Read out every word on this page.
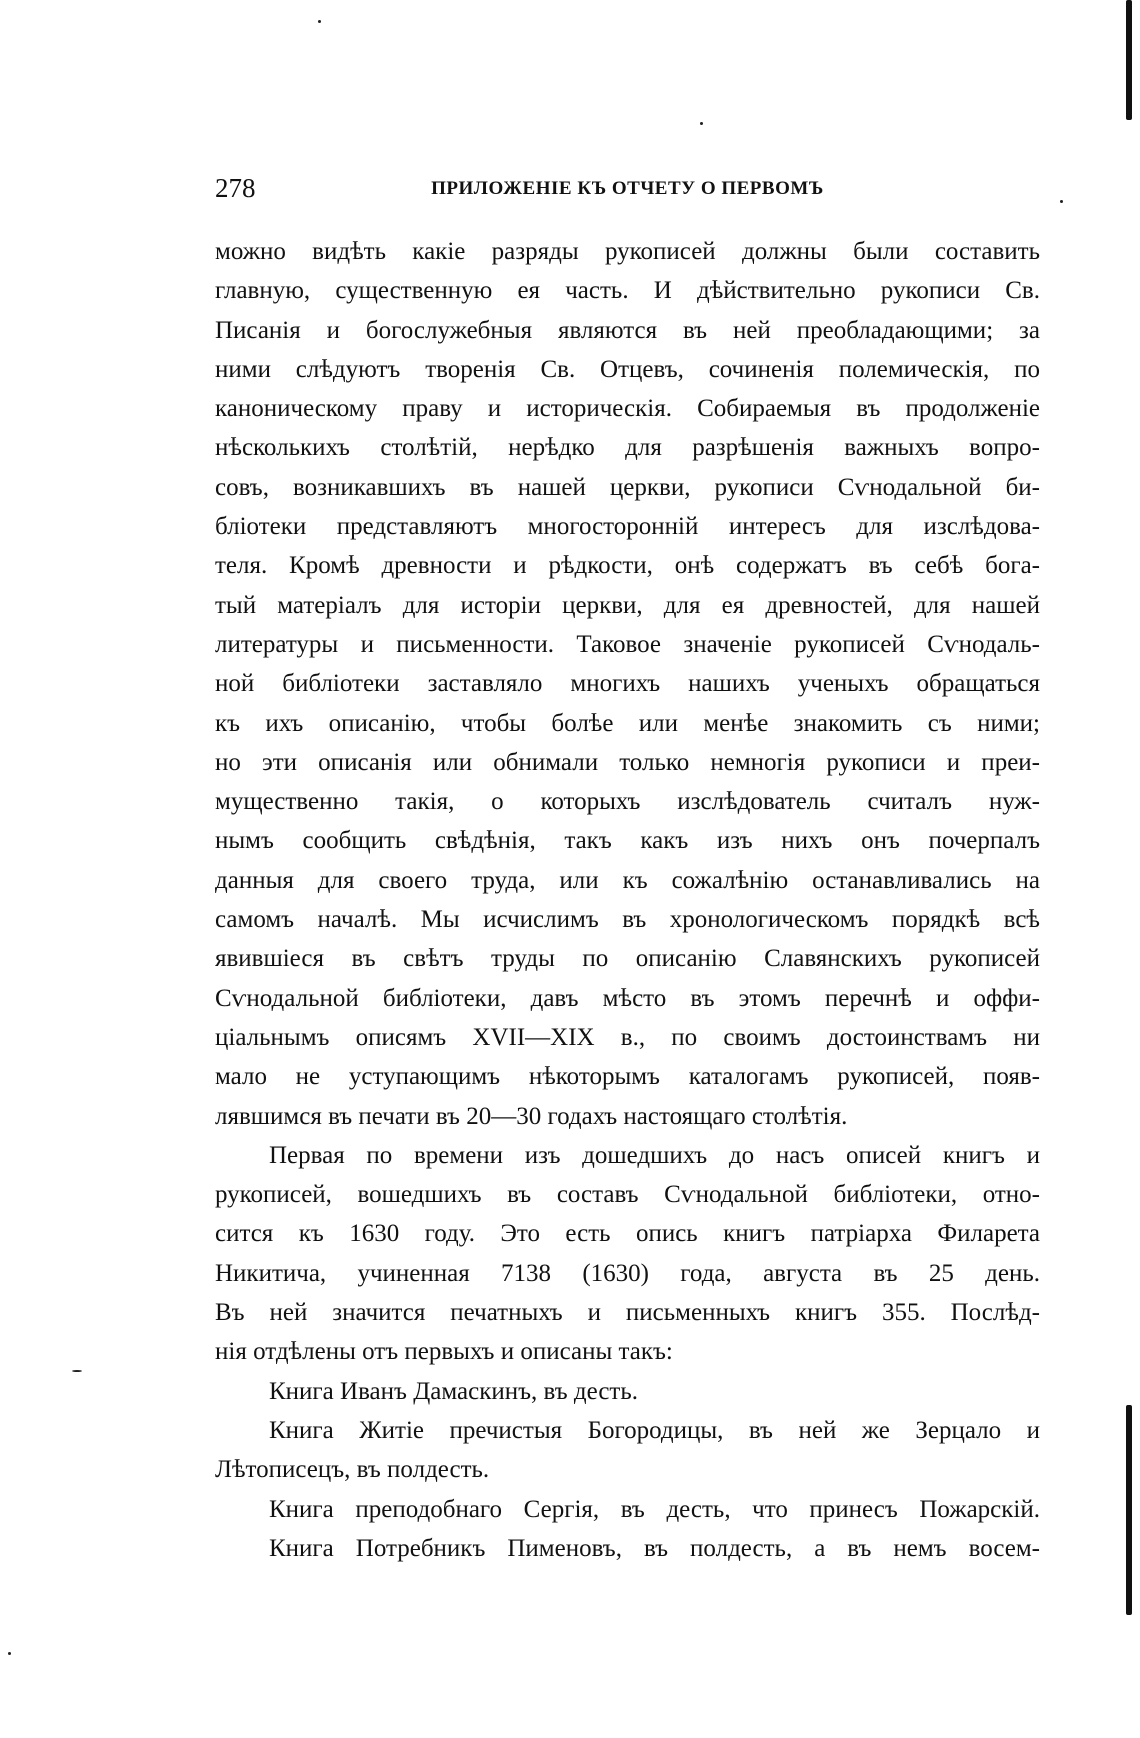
278	ПРИЛОЖЕНІЕ КЪ ОТЧЕТУ О ПЕРВОМЪ
можно видѣть какіе разряды рукописей должны были составить
главную, существенную ея часть. И дѣйствительно рукописи Св.
Писанія и богослужебныя являются въ ней преобладающими; за
ними слѣдуютъ творенія Св. Отцевъ, сочиненія полемическія, по
каноническому праву и историческія. Собираемыя въ продолженіе
нѣсколькихъ столѣтій, нерѣдко для разрѣшенія важныхъ вопро-
совъ, возникавшихъ въ нашей церкви, рукописи Сѵнодальной би-
бліотеки представляютъ многосторонній интересъ для изслѣдова-
теля. Кромѣ древности и рѣдкости, онѣ содержатъ въ себѣ бога-
тый матеріалъ для исторіи церкви, для ея древностей, для нашей
литературы и письменности. Таковое значеніе рукописей Сѵнодаль-
ной библіотеки заставляло многихъ нашихъ ученыхъ обращаться
къ ихъ описанію, чтобы болѣе или менѣе знакомить съ ними;
но эти описанія или обнимали только немногія рукописи и преи-
мущественно такія, о которыхъ изслѣдователь считалъ нуж-
нымъ сообщить свѣдѣнія, такъ какъ изъ нихъ онъ почерпалъ
данныя для своего труда, или къ сожалѣнію останавливались на
самомъ началѣ. Мы исчислимъ въ хронологическомъ порядкѣ всѣ
явившіеся въ свѣтъ труды по описанію Славянскихъ рукописей
Сѵнодальной библіотеки, давъ мѣсто въ этомъ перечнѣ и оффи-
ціальнымъ описямъ XVII—XIX в., по своимъ достоинствамъ ни
мало не уступающимъ нѣкоторымъ каталогамъ рукописей, появ-
лявшимся въ печати въ 20—30 годахъ настоящаго столѣтія.
Первая по времени изъ дошедшихъ до насъ описей книгъ и
рукописей, вошедшихъ въ составъ Сѵнодальной библіотеки, отно-
сится къ 1630 году. Это есть опись книгъ патріарха Филарета
Никитича, учиненная 7138 (1630) года, августа въ 25 день.
Въ ней значится печатныхъ и письменныхъ книгъ 355. Послѣд-
нія отдѣлены отъ первыхъ и описаны такъ:
Книга Иванъ Дамаскинъ, въ десть.
Книга Житіе пречистыя Богородицы, въ ней же Зерцало и
Лѣтописецъ, въ полдесть.
Книга преподобнаго Сергія, въ десть, что принесъ Пожарскій.
Книга Потребникъ Пименовъ, въ полдесть, а въ немъ восем-
